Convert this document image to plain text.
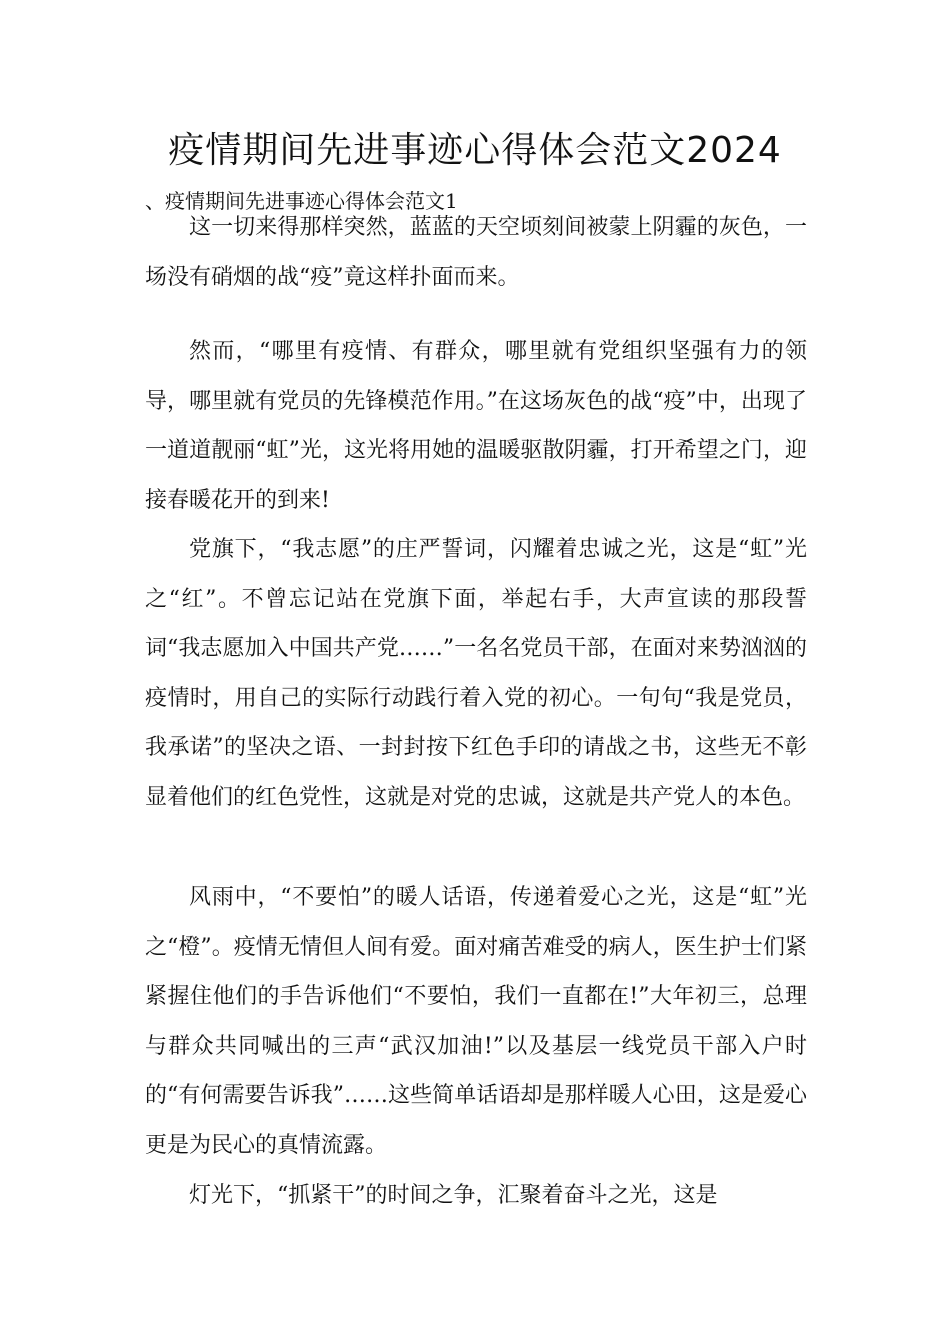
疫情期间先进事迹心得体会范文2024

、疫情期间先进事迹心得体会范文1

这一切来得那样突然，蓝蓝的天空顷刻间被蒙上阴霾的灰色，一场没有硝烟的战“疫”竟这样扑面而来。

然而，“哪里有疫情、有群众，哪里就有党组织坚强有力的领导，哪里就有党员的先锋模范作用。”在这场灰色的战“疫”中，出现了一道道靓丽“虹”光，这光将用她的温暖驱散阴霾，打开希望之门，迎接春暖花开的到来!

党旗下，“我志愿”的庄严誓词，闪耀着忠诚之光，这是“虹”光之“红”。不曾忘记站在党旗下面，举起右手，大声宣读的那段誓词“我志愿加入中国共产党……”一名名党员干部，在面对来势汹汹的疫情时，用自己的实际行动践行着入党的初心。一句句“我是党员，我承诺”的坚决之语、一封封按下红色手印的请战之书，这些无不彰显着他们的红色党性，这就是对党的忠诚，这就是共产党人的本色。

风雨中，“不要怕”的暖人话语，传递着爱心之光，这是“虹”光之“橙”。疫情无情但人间有爱。面对痛苦难受的病人，医生护士们紧紧握住他们的手告诉他们“不要怕，我们一直都在!”大年初三，总理与群众共同喊出的三声“武汉加油!”以及基层一线党员干部入户时的“有何需要告诉我”……这些简单话语却是那样暖人心田，这是爱心更是为民心的真情流露。

灯光下，“抓紧干”的时间之争，汇聚着奋斗之光，这是
